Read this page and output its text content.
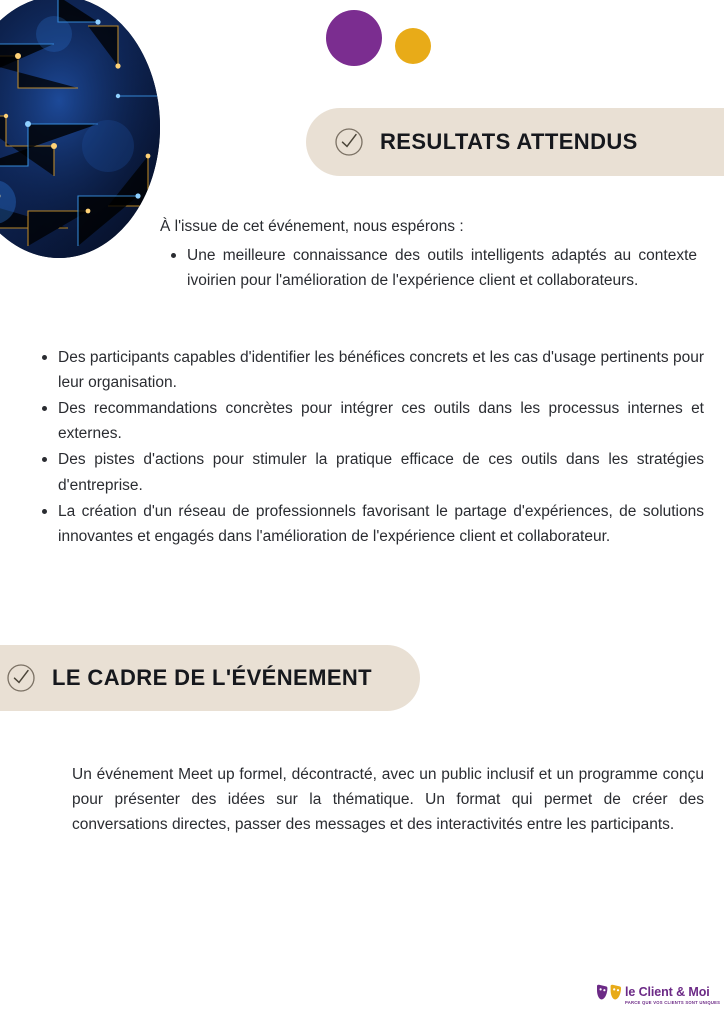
RESULTATS ATTENDUS
À l'issue de cet événement, nous espérons :
Une meilleure connaissance des outils intelligents adaptés au contexte ivoirien pour l'amélioration de l'expérience client et collaborateurs.
Des participants capables d'identifier les bénéfices concrets et les cas d'usage pertinents pour leur organisation.
Des recommandations concrètes pour intégrer ces outils dans les processus internes et externes.
Des pistes d'actions pour stimuler la pratique efficace de ces outils dans les stratégies d'entreprise.
La création d'un réseau de professionnels favorisant le partage d'expériences, de solutions innovantes et engagés dans l'amélioration de l'expérience client et collaborateur.
LE CADRE DE L'ÉVÉNEMENT
Un événement Meet up formel, décontracté, avec un public inclusif et un programme conçu pour présenter des idées sur la thématique. Un format qui permet de créer des conversations directes, passer des messages et des interactivités entre les participants.
le Client & Moi
PARCE QUE VOS CLIENTS SONT UNIQUES
